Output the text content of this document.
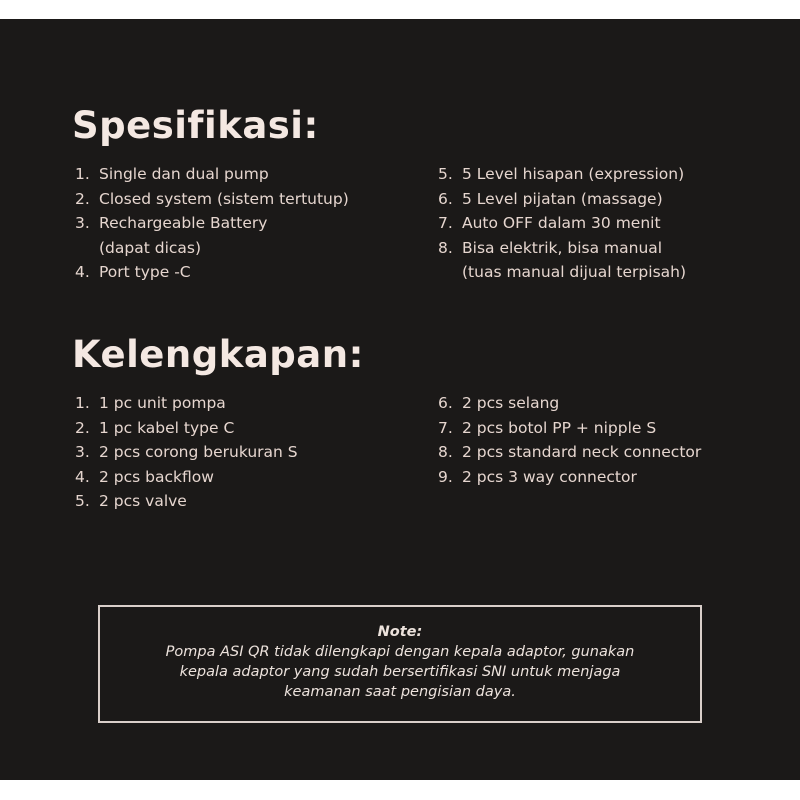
Spesifikasi:
1. Single dan dual pump
2. Closed system (sistem tertutup)
3. Rechargeable Battery
(dapat dicas)
4. Port type -C
5. 5 Level hisapan (expression)
6. 5 Level pijatan (massage)
7. Auto OFF dalam 30 menit
8. Bisa elektrik, bisa manual
(tuas manual dijual terpisah)
Kelengkapan:
1. 1 pc unit pompa
2. 1 pc kabel type C
3. 2 pcs corong berukuran S
4. 2 pcs backflow
5. 2 pcs valve
6. 2 pcs selang
7. 2 pcs botol PP + nipple S
8. 2 pcs standard neck connector
9. 2 pcs 3 way connector
Note:
Pompa ASI QR tidak dilengkapi dengan kepala adaptor, gunakan
kepala adaptor yang sudah bersertifikasi SNI untuk menjaga
keamanan saat pengisian daya.
